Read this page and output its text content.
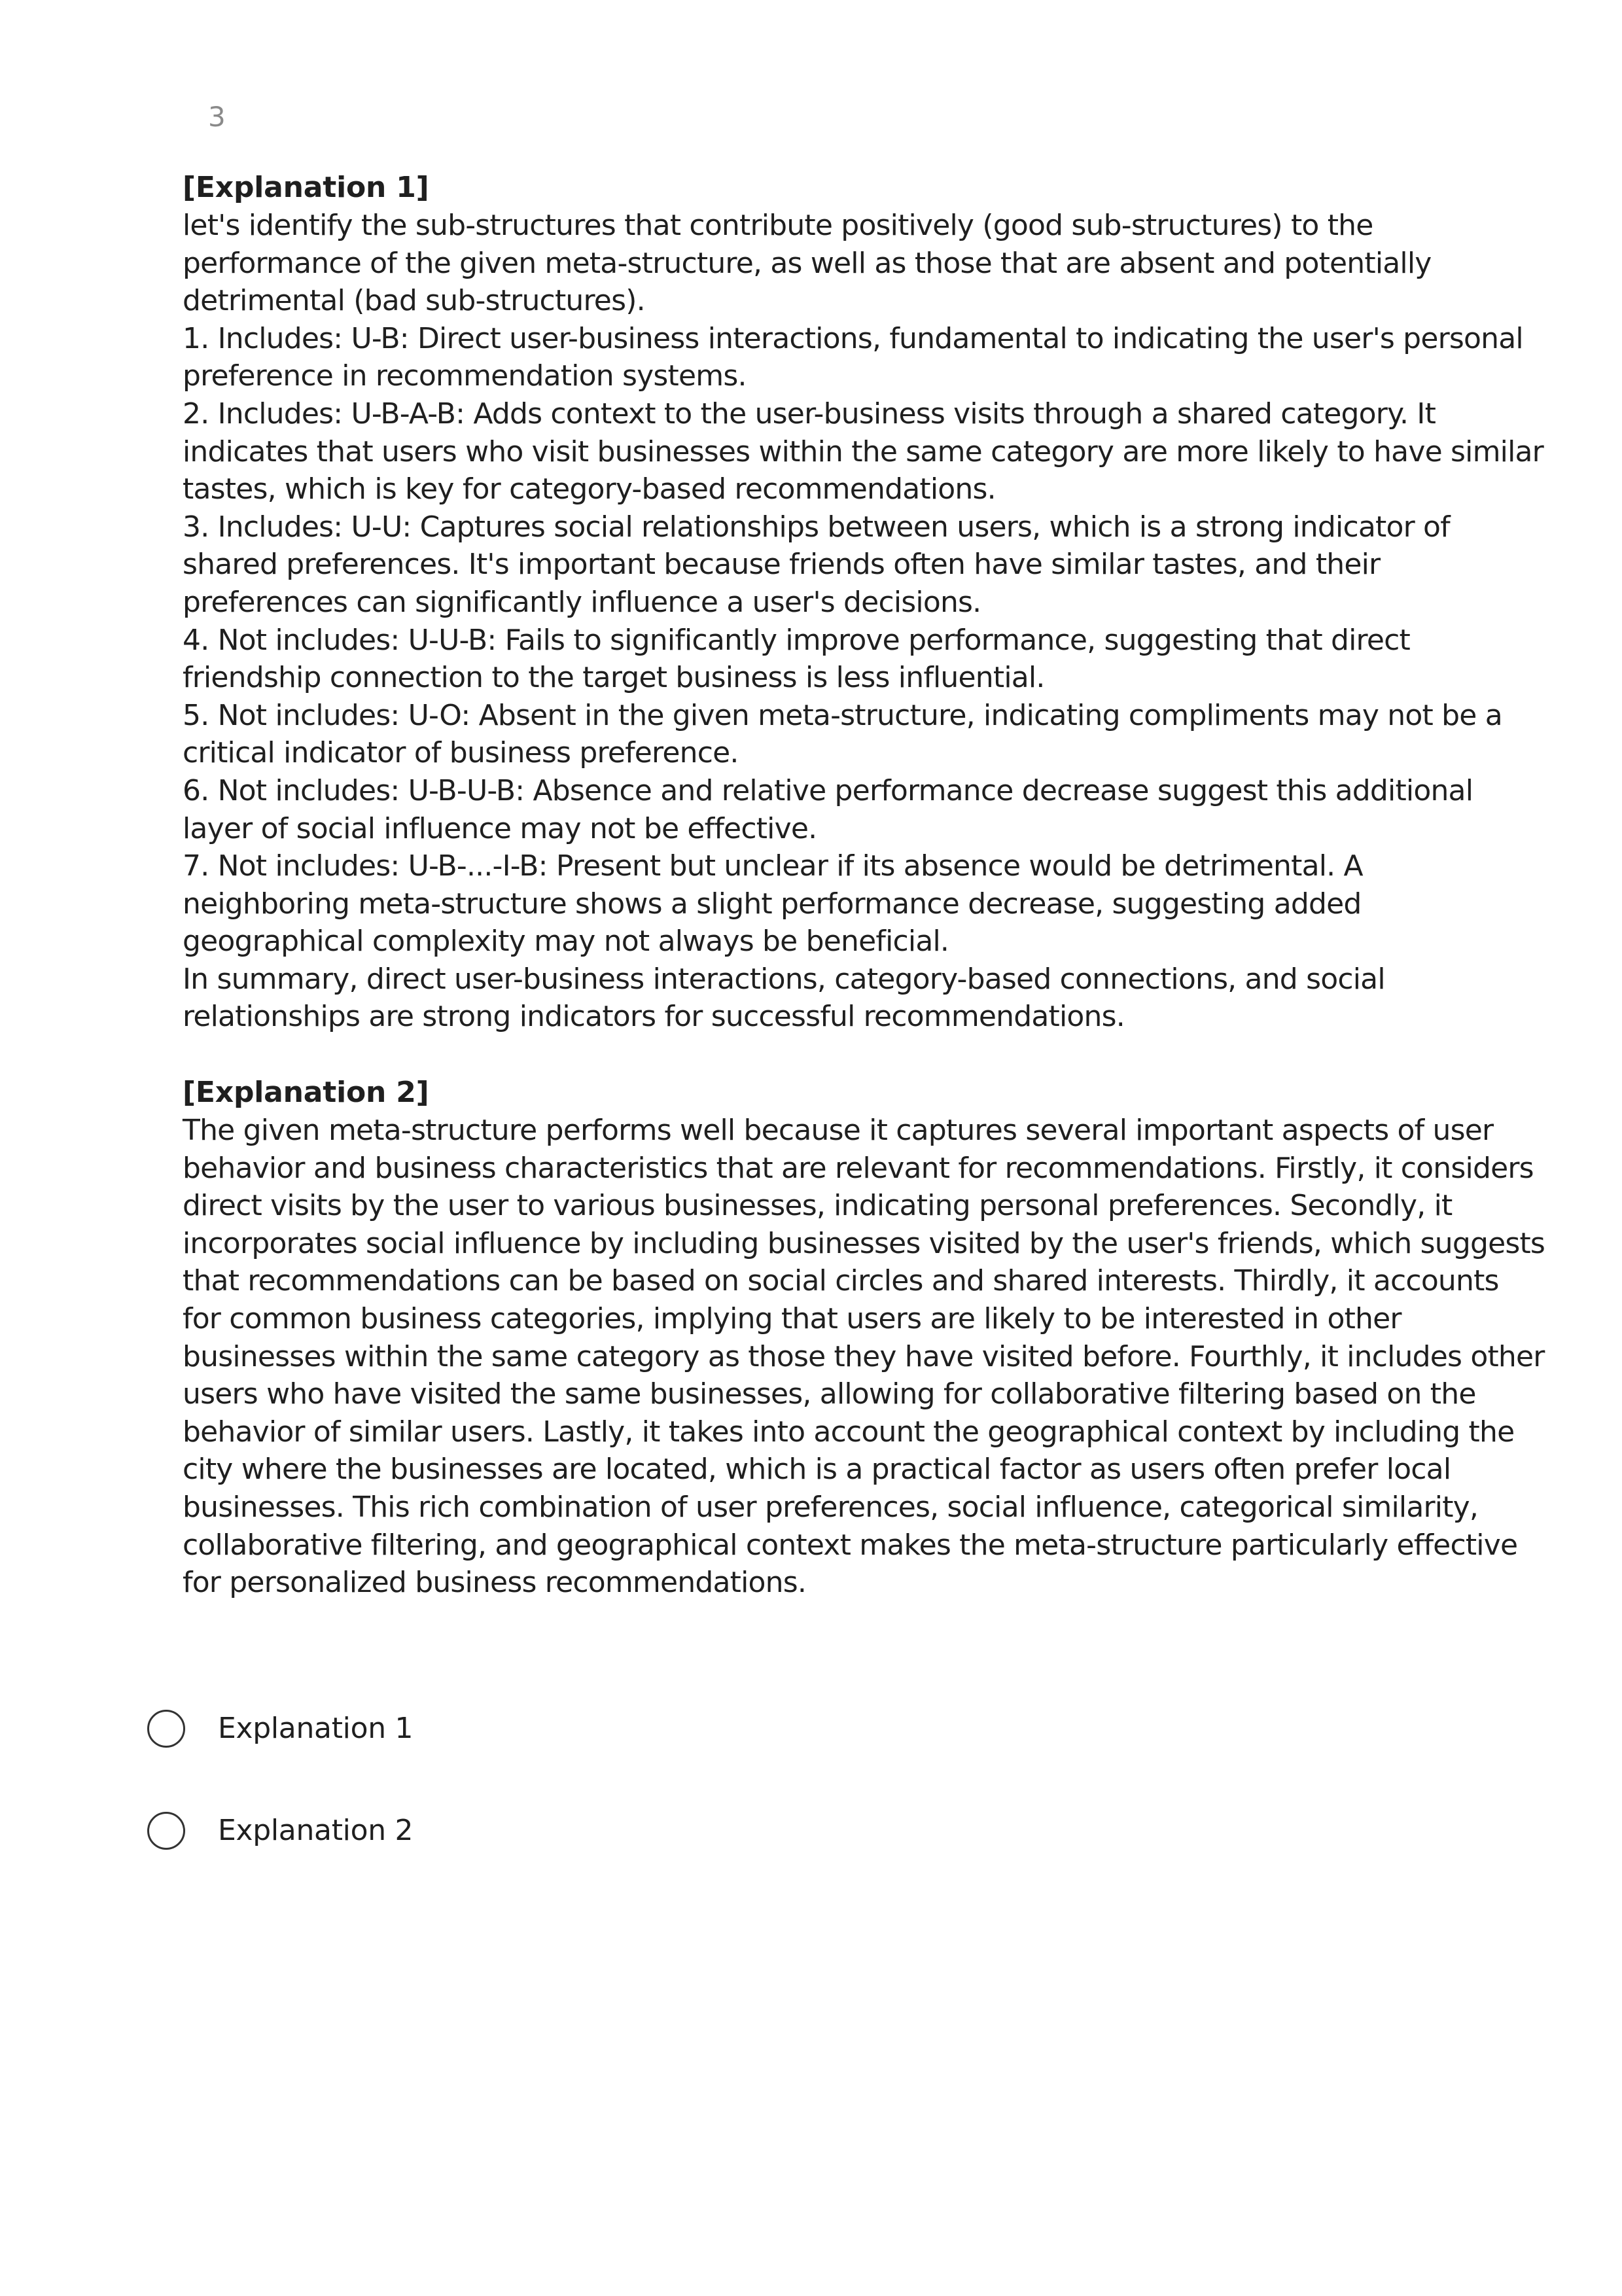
3
[Explanation 1]

let's identify the sub-structures that contribute positively (good sub-structures) to the

performance of the given meta-structure, as well as those that are absent and potentially

detrimental (bad sub-structures).

1. Includes: U-B: Direct user-business interactions, fundamental to indicating the user's personal

preference in recommendation systems.

2. Includes: U-B-A-B: Adds context to the user-business visits through a shared category. It

indicates that users who visit businesses within the same category are more likely to have similar

tastes, which is key for category-based recommendations.

3. Includes: U-U: Captures social relationships between users, which is a strong indicator of

shared preferences. It's important because friends often have similar tastes, and their

preferences can significantly influence a user's decisions.

4. Not includes: U-U-B: Fails to significantly improve performance, suggesting that direct

friendship connection to the target business is less influential.

5. Not includes: U-O: Absent in the given meta-structure, indicating compliments may not be a

critical indicator of business preference.

6. Not includes: U-B-U-B: Absence and relative performance decrease suggest this additional

layer of social influence may not be effective.

7. Not includes: U-B-...-I-B: Present but unclear if its absence would be detrimental. A

neighboring meta-structure shows a slight performance decrease, suggesting added

geographical complexity may not always be beneficial.

In summary, direct user-business interactions, category-based connections, and social

relationships are strong indicators for successful recommendations.

[Explanation 2]

The given meta-structure performs well because it captures several important aspects of user

behavior and business characteristics that are relevant for recommendations. Firstly, it considers

direct visits by the user to various businesses, indicating personal preferences. Secondly, it

incorporates social influence by including businesses visited by the user's friends, which suggests

that recommendations can be based on social circles and shared interests. Thirdly, it accounts

for common business categories, implying that users are likely to be interested in other

businesses within the same category as those they have visited before. Fourthly, it includes other

users who have visited the same businesses, allowing for collaborative filtering based on the

behavior of similar users. Lastly, it takes into account the geographical context by including the

city where the businesses are located, which is a practical factor as users often prefer local

businesses. This rich combination of user preferences, social influence, categorical similarity,

collaborative filtering, and geographical context makes the meta-structure particularly effective

for personalized business recommendations.

Explanation 1
Explanation 2
